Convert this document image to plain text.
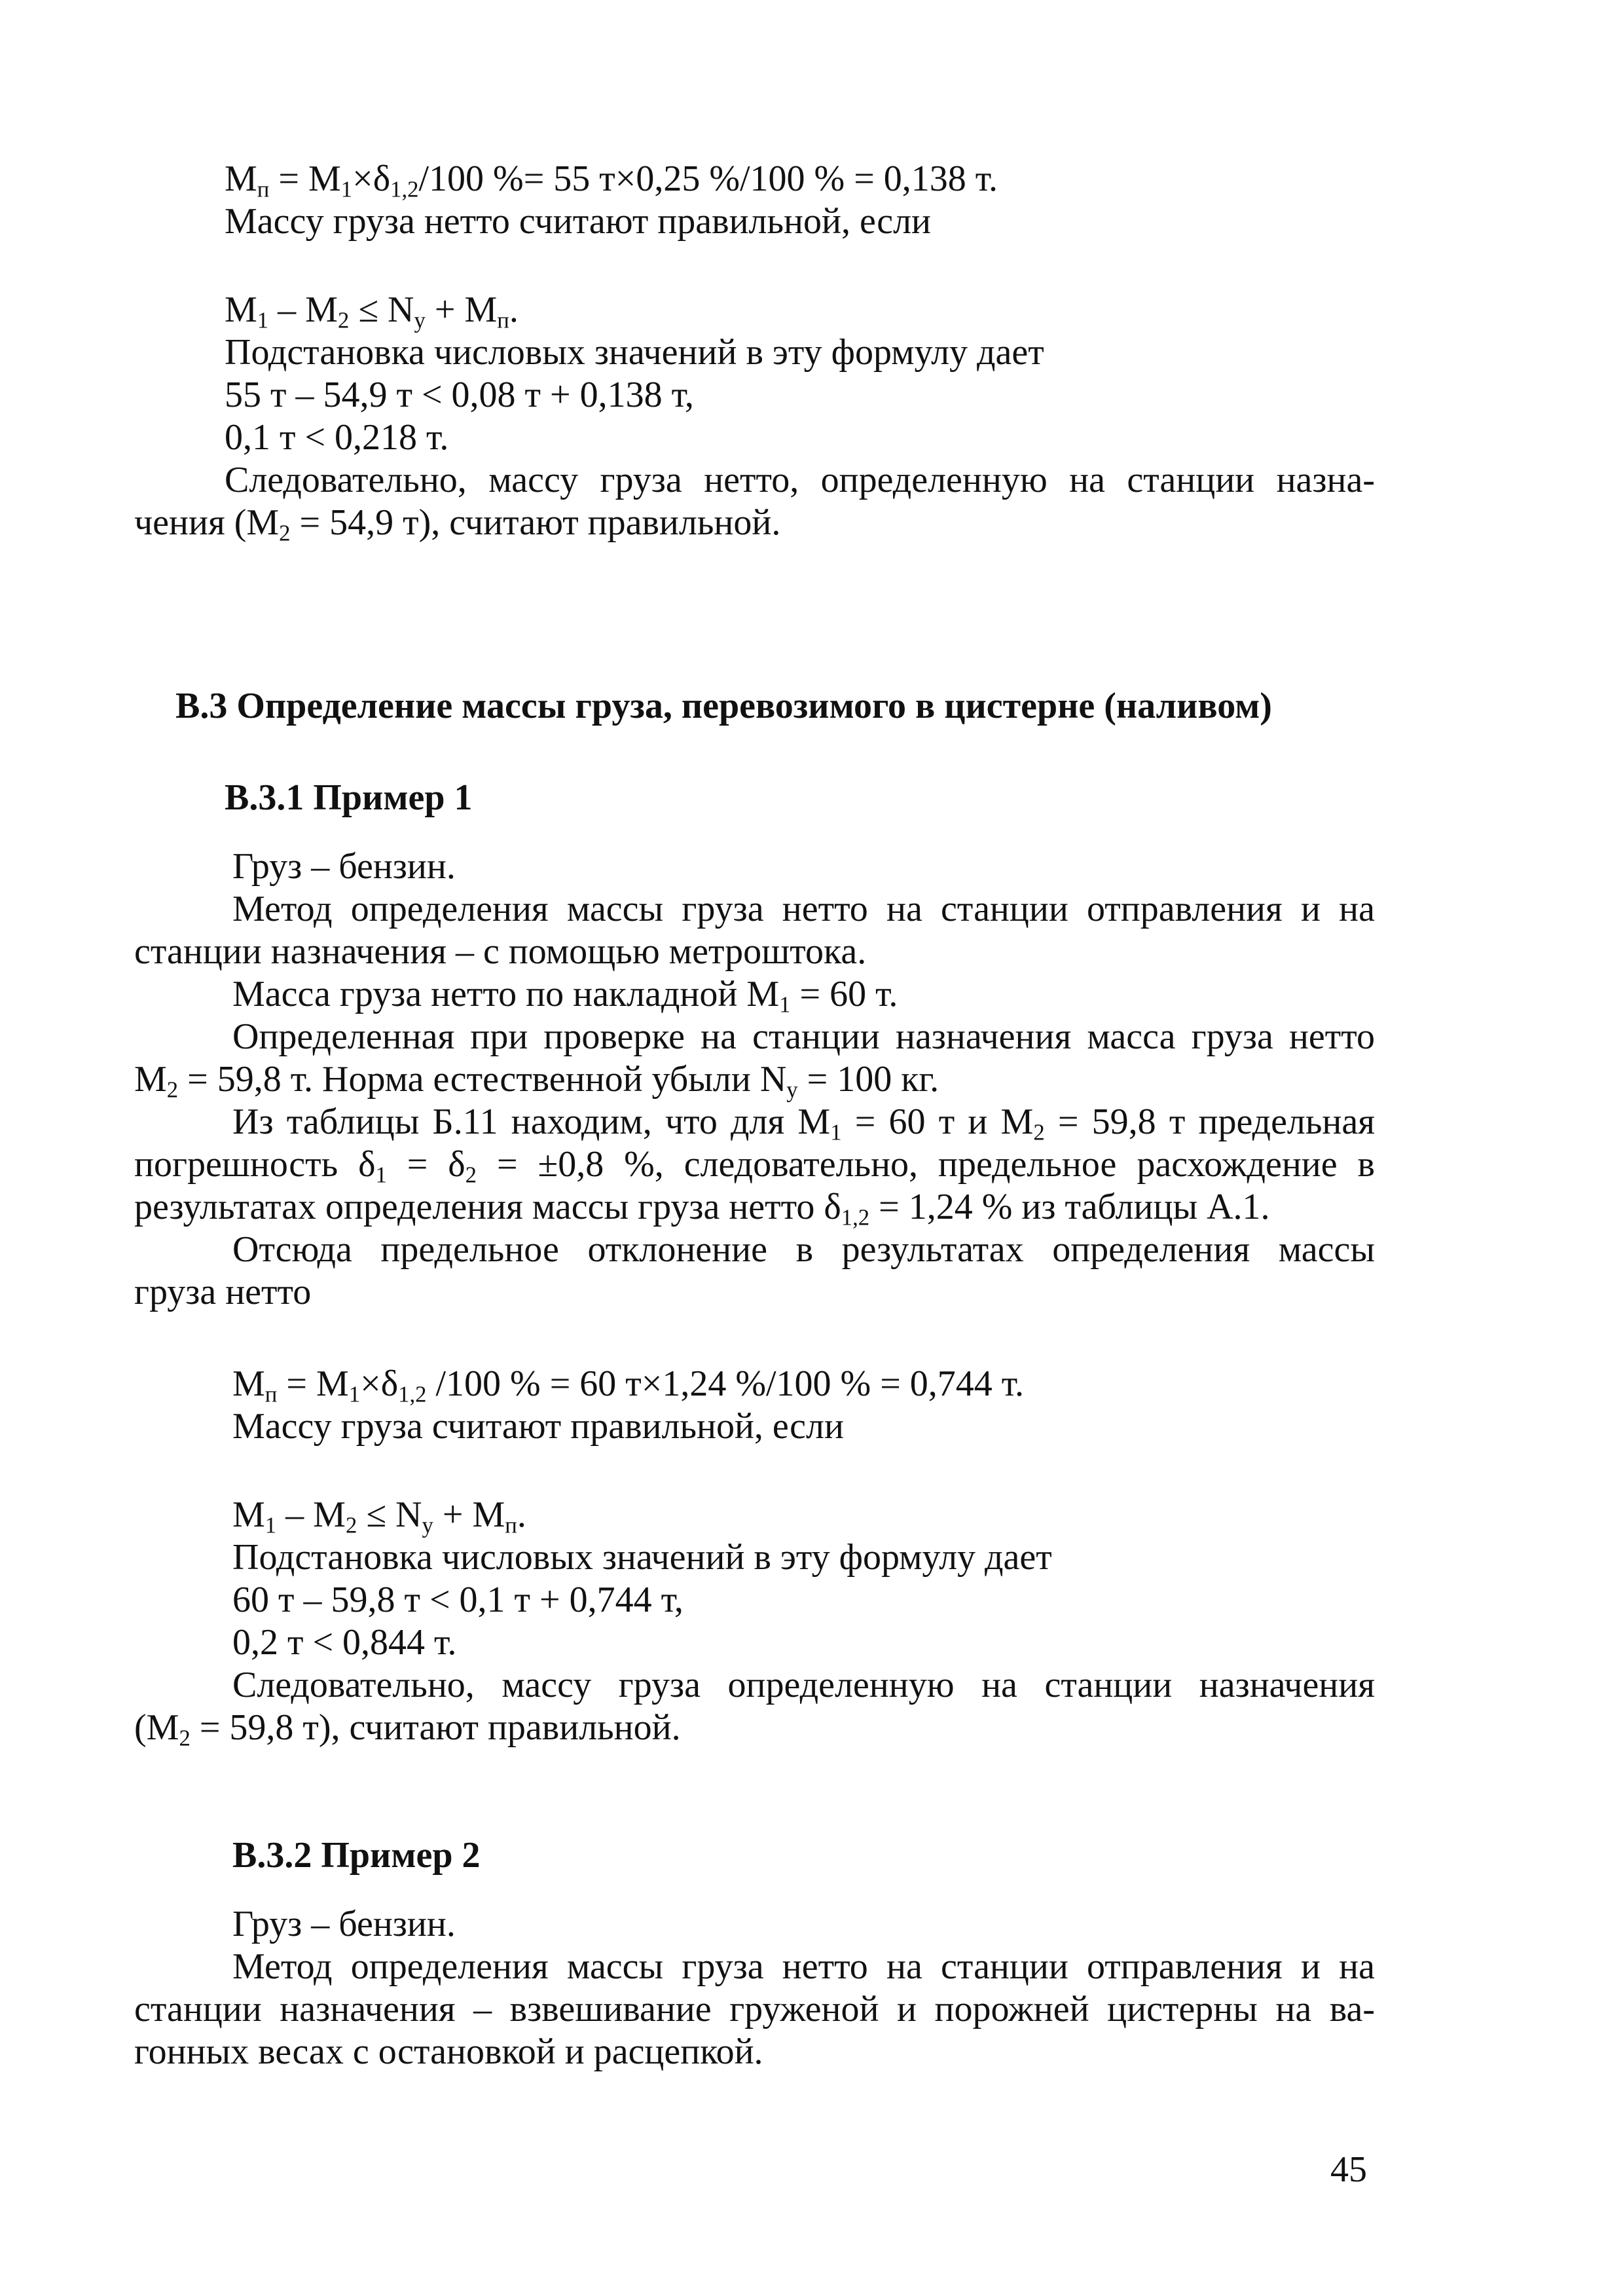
$M_п = M_1\times\delta_{1,2}/100$ %= 55 т×0,25 %/100 % = 0,138 т.
Массу груза нетто считают правильной, если
$M_1 - M_2 \le N_y + M_п$.
Подстановка числовых значений в эту формулу дает
55 т – 54,9 т < 0,08 т + 0,138 т,
0,1 т < 0,218 т.
Следовательно, массу груза нетто, определенную на станции назна-
чения ($M_2 = 54,9$ т), считают правильной.
В.3 Определение массы груза, перевозимого в цистерне (наливом)
В.3.1 Пример 1
Груз – бензин.
Метод определения массы груза нетто на станции отправления и на
станции назначения – с помощью метроштока.
Масса груза нетто по накладной $M_1 = 60$ т.
Определенная при проверке на станции назначения масса груза нетто
$M_2 = 59,8$ т. Норма естественной убыли $N_y = 100$ кг.
Из таблицы Б.11 находим, что для $M_1 = 60$ т и $M_2 = 59,8$ т предельная
погрешность $\delta_1 = \delta_2 = \pm 0,8$ %, следовательно, предельное расхождение в
результатах определения массы груза нетто $\delta_{1,2} = 1,24$ % из таблицы А.1.
Отсюда предельное отклонение в результатах определения массы
груза нетто
$M_п = M_1\times\delta_{1,2}$ /100 % = 60 т×1,24 %/100 % = 0,744 т.
Массу груза считают правильной, если
$M_1 - M_2 \le N_y + M_п$.
Подстановка числовых значений в эту формулу дает
60 т – 59,8 т < 0,1 т + 0,744 т,
0,2 т < 0,844 т.
Следовательно, массу груза определенную на станции назначения
($M_2 = 59,8$ т), считают правильной.
В.3.2 Пример 2
Груз – бензин.
Метод определения массы груза нетто на станции отправления и на
станции назначения – взвешивание груженой и порожней цистерны на ва-
гонных весах с остановкой и расцепкой.
45
